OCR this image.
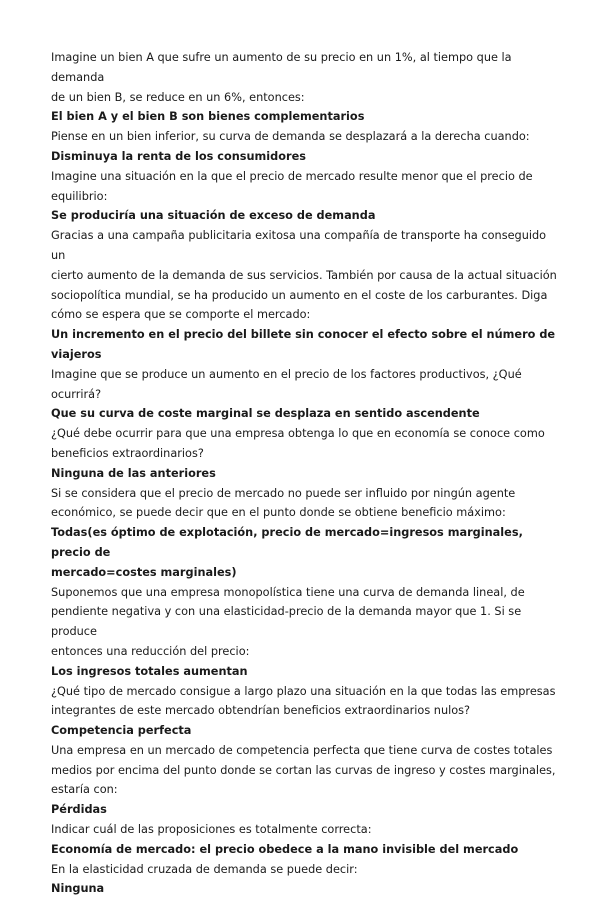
Imagine un bien A que sufre un aumento de su precio en un 1%, al tiempo que la demanda
de un bien B, se reduce en un 6%, entonces:

El bien A y el bien B son bienes complementarios

Piense en un bien inferior, su curva de demanda se desplazará a la derecha cuando:

Disminuya la renta de los consumidores

Imagine una situación en la que el precio de mercado resulte menor que el precio de
equilibrio:

Se produciría una situación de exceso de demanda

Gracias a una campaña publicitaria exitosa una compañía de transporte ha conseguido un
cierto aumento de la demanda de sus servicios. También por causa de la actual situación
sociopolítica mundial, se ha producido un aumento en el coste de los carburantes. Diga
cómo se espera que se comporte el mercado:

Un incremento en el precio del billete sin conocer el efecto sobre el número de viajeros

Imagine que se produce un aumento en el precio de los factores productivos, ¿Qué ocurrirá?

Que su curva de coste marginal se desplaza en sentido ascendente

¿Qué debe ocurrir para que una empresa obtenga lo que en economía se conoce como
beneficios extraordinarios?

Ninguna de las anteriores

Si se considera que el precio de mercado no puede ser influido por ningún agente
económico, se puede decir que en el punto donde se obtiene beneficio máximo:

Todas(es óptimo de explotación, precio de mercado=ingresos marginales, precio de
mercado=costes marginales)

Suponemos que una empresa monopolística tiene una curva de demanda lineal, de
pendiente negativa y con una elasticidad-precio de la demanda mayor que 1. Si se produce
entonces una reducción del precio:

Los ingresos totales aumentan

¿Qué tipo de mercado consigue a largo plazo una situación en la que todas las empresas
integrantes de este mercado obtendrían beneficios extraordinarios nulos?

Competencia perfecta

Una empresa en un mercado de competencia perfecta que tiene curva de costes totales
medios por encima del punto donde se cortan las curvas de ingreso y costes marginales,
estaría con:

Pérdidas

Indicar cuál de las proposiciones es totalmente correcta:

Economía de mercado: el precio obedece a la mano invisible del mercado

En la elasticidad cruzada de demanda se puede decir:

Ninguna
